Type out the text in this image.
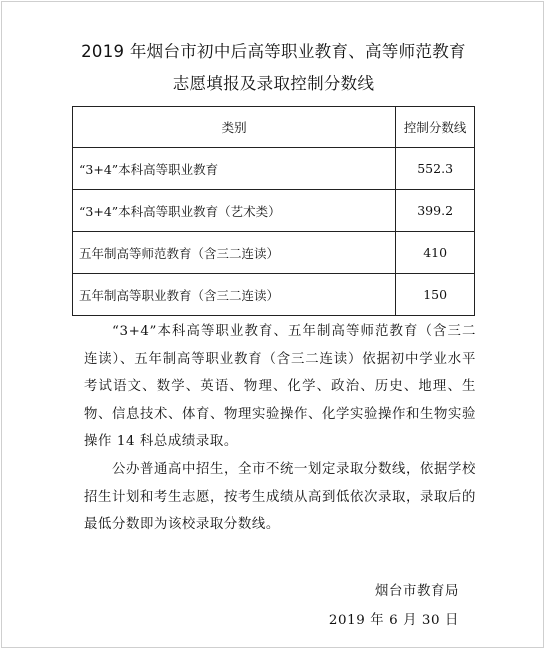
2019 年烟台市初中后高等职业教育、高等师范教育
志愿填报及录取控制分数线
类别	控制分数线
“3+4”本科高等职业教育	552.3
“3+4”本科高等职业教育（艺术类）	399.2
五年制高等师范教育（含三二连读）	410
五年制高等职业教育（含三二连读）	150
“3+4”本科高等职业教育、五年制高等师范教育（含三二连读）、五年制高等职业教育（含三二连读）依据初中学业水平考试语文、数学、英语、物理、化学、政治、历史、地理、生物、信息技术、体育、物理实验操作、化学实验操作和生物实验操作 14 科总成绩录取。
公办普通高中招生，全市不统一划定录取分数线，依据学校招生计划和考生志愿，按考生成绩从高到低依次录取，录取后的最低分数即为该校录取分数线。
烟台市教育局
2019 年 6 月 30 日
